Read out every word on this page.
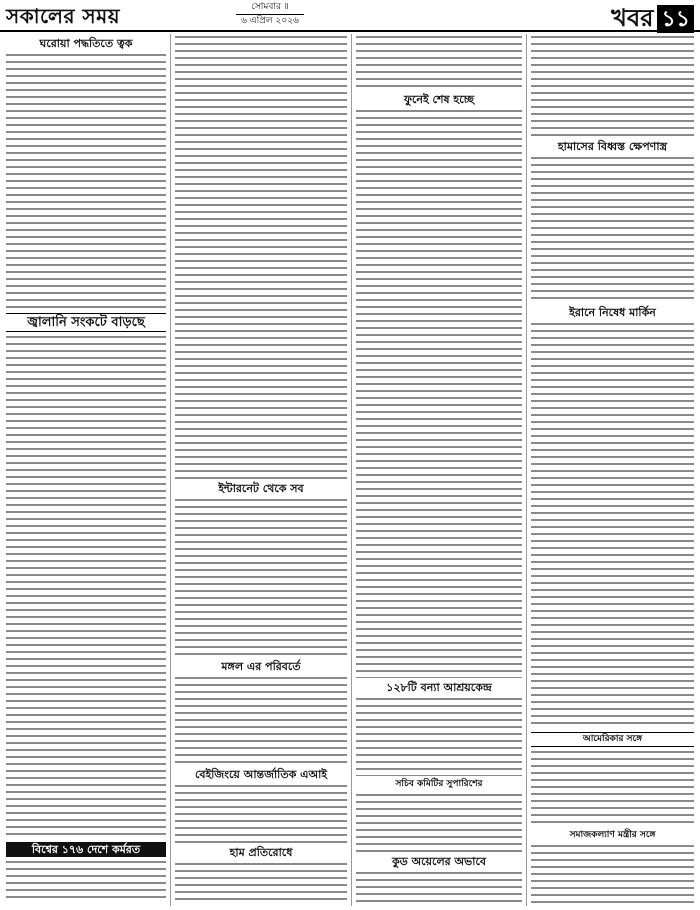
সকালের সময়	সোমবার ॥
৬ এপ্রিল ২০২৬	খবর ১১
ঘরোয়া পদ্ধতিতে ত্বক
জ্বালানি সংকটে বাড়ছে
বিশ্বের ১৭৬ দেশে কর্মরত
ইন্টারনেট থেকে সব
মঙ্গল এর পরিবর্তে
বেইজিংয়ে আন্তর্জাতিক এআই
হাম প্রতিরোধে
ফুনেই শেষ হচ্ছে
১২৮টি বন্যা আশ্রয়কেন্দ্র
সচিব কমিটির সুপারিশের
কুড অয়েলের অভাবে
হামাসের বিধ্বস্ত ক্ষেপণাস্ত্র
ইরানে নিষেধ মার্কিন
আমেরিকার সঙ্গে
সমাজকল্যাণ মন্ত্রীর সঙ্গে
